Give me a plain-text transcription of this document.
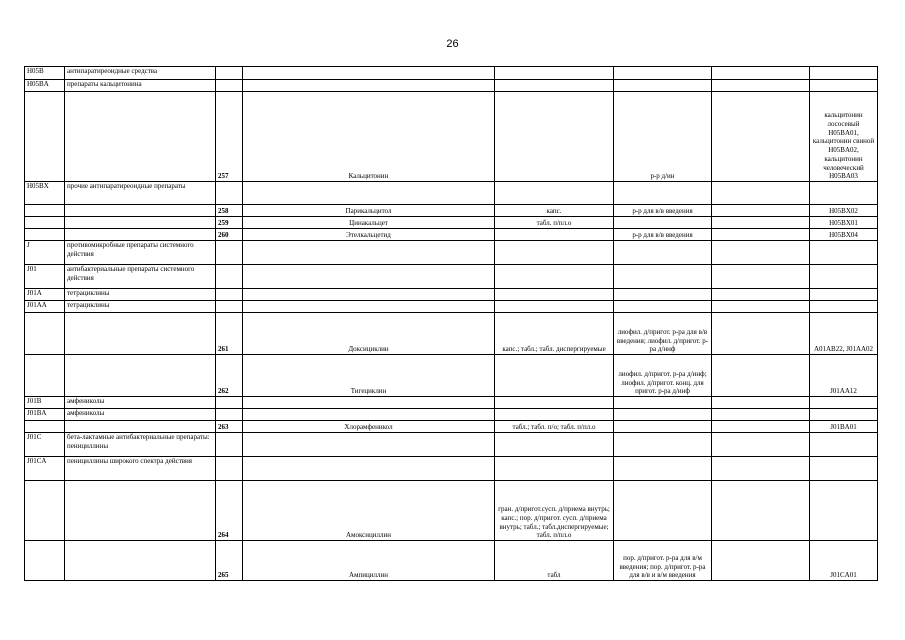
26
H05B	антипаратиреоидные средства						
H05BA	препараты кальцитонина						
		257	Кальцитонин		р-р д/ин		кальцитонин лососевый H05BA01, кальцитонин свиной H05BA02, кальцитонин человеческий H05BA03
H05BX	прочие антипаратиреоидные препараты						
		258	Парикальцитол	капс.	р-р для в/в введения		H05BX02
		259	Цинакальцет	табл. п/пл.о			H05BX01
		260	Этелкальцетид		р-р для в/в введения		H05BX04
J	противомикробные препараты системного действия						
J01	антибактериальные препараты системного действия						
J01A	тетрациклины						
J01AA	тетрациклины						
		261	Доксициклин	капс.; табл.; табл. диспергируемые	лиофил. д/пригот. р-ра для в/в введения; лиофил. д/пригот. р-ра д/инф		A01AB22, J01AA02
		262	Тигециклин		лиофил. д/пригот. р-ра д/инф; лиофил. д/пригот. конц. для пригот. р-ра д/инф		J01AA12
J01B	амфениколы						
J01BA	амфениколы						
		263	Хлорамфеникол	табл.; табл. п/о; табл. п/пл.о			J01BA01
J01C	бета-лактамные антибактериальные препараты: пенициллины						
J01CA	пенициллины широкого спектра действия						
		264	Амоксициллин	гран. д/пригот.сусп. д/приема внутрь; капс.; пор. д/пригот. сусп. д/приема внутрь; табл.; табл.диспергируемые; табл. п/пл.о			
		265	Ампициллин	табл	пор. д/пригот. р-ра для в/м введения; пор. д/пригот. р-ра для в/в и в/м введения		J01CA01
